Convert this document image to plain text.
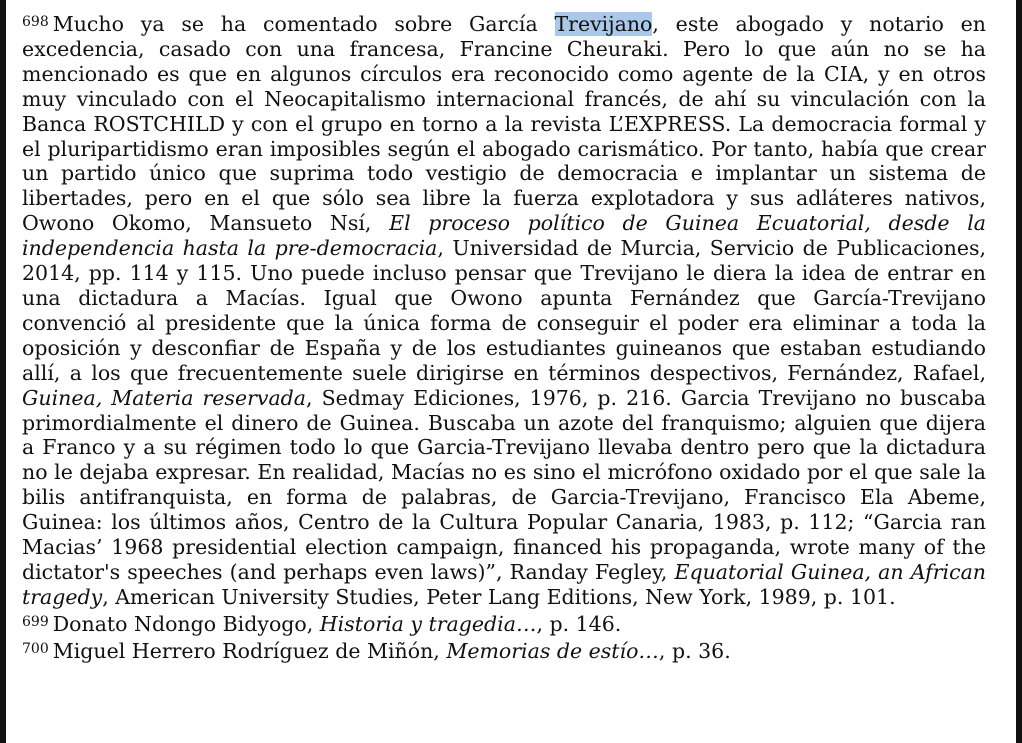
$^{698}$ Mucho ya se ha comentado sobre García Trevijano, este abogado y notario en excedencia, casado con una francesa, Francine Cheuraki. Pero lo que aún no se ha mencionado es que en algunos círculos era reconocido como agente de la CIA, y en otros muy vinculado con el Neocapitalismo internacional francés, de ahí su vinculación con la Banca ROSTCHILD y con el grupo en torno a la revista L’EXPRESS. La democracia formal y el pluripartidismo eran imposibles según el abogado carismático. Por tanto, había que crear un partido único que suprima todo vestigio de democracia e implantar un sistema de libertades, pero en el que sólo sea libre la fuerza explotadora y sus adláteres nativos, Owono Okomo, Mansueto Nsí, El proceso político de Guinea Ecuatorial, desde la independencia hasta la pre-democracia, Universidad de Murcia, Servicio de Publicaciones, 2014, pp. 114 y 115. Uno puede incluso pensar que Trevijano le diera la idea de entrar en una dictadura a Macías. Igual que Owono apunta Fernández que García-Trevijano convenció al presidente que la única forma de conseguir el poder era eliminar a toda la oposición y desconfiar de España y de los estudiantes guineanos que estaban estudiando allí, a los que frecuentemente suele dirigirse en términos despectivos, Fernández, Rafael, Guinea, Materia reservada, Sedmay Ediciones, 1976, p. 216. Garcia Trevijano no buscaba primordialmente el dinero de Guinea. Buscaba un azote del franquismo; alguien que dijera a Franco y a su régimen todo lo que Garcia-Trevijano llevaba dentro pero que la dictadura no le dejaba expresar. En realidad, Macías no es sino el micrófono oxidado por el que sale la bilis antifranquista, en forma de palabras, de Garcia-Trevijano, Francisco Ela Abeme, Guinea: los últimos años, Centro de la Cultura Popular Canaria, 1983, p. 112; “Garcia ran Macias’ 1968 presidential election campaign, financed his propaganda, wrote many of the dictator's speeches (and perhaps even laws)”, Randay Fegley, Equatorial Guinea, an African tragedy, American University Studies, Peter Lang Editions, New York, 1989, p. 101.

$^{699}$ Donato Ndongo Bidyogo, Historia y tragedia…, p. 146.

$^{700}$ Miguel Herrero Rodríguez de Miñón, Memorias de estío…, p. 36.
